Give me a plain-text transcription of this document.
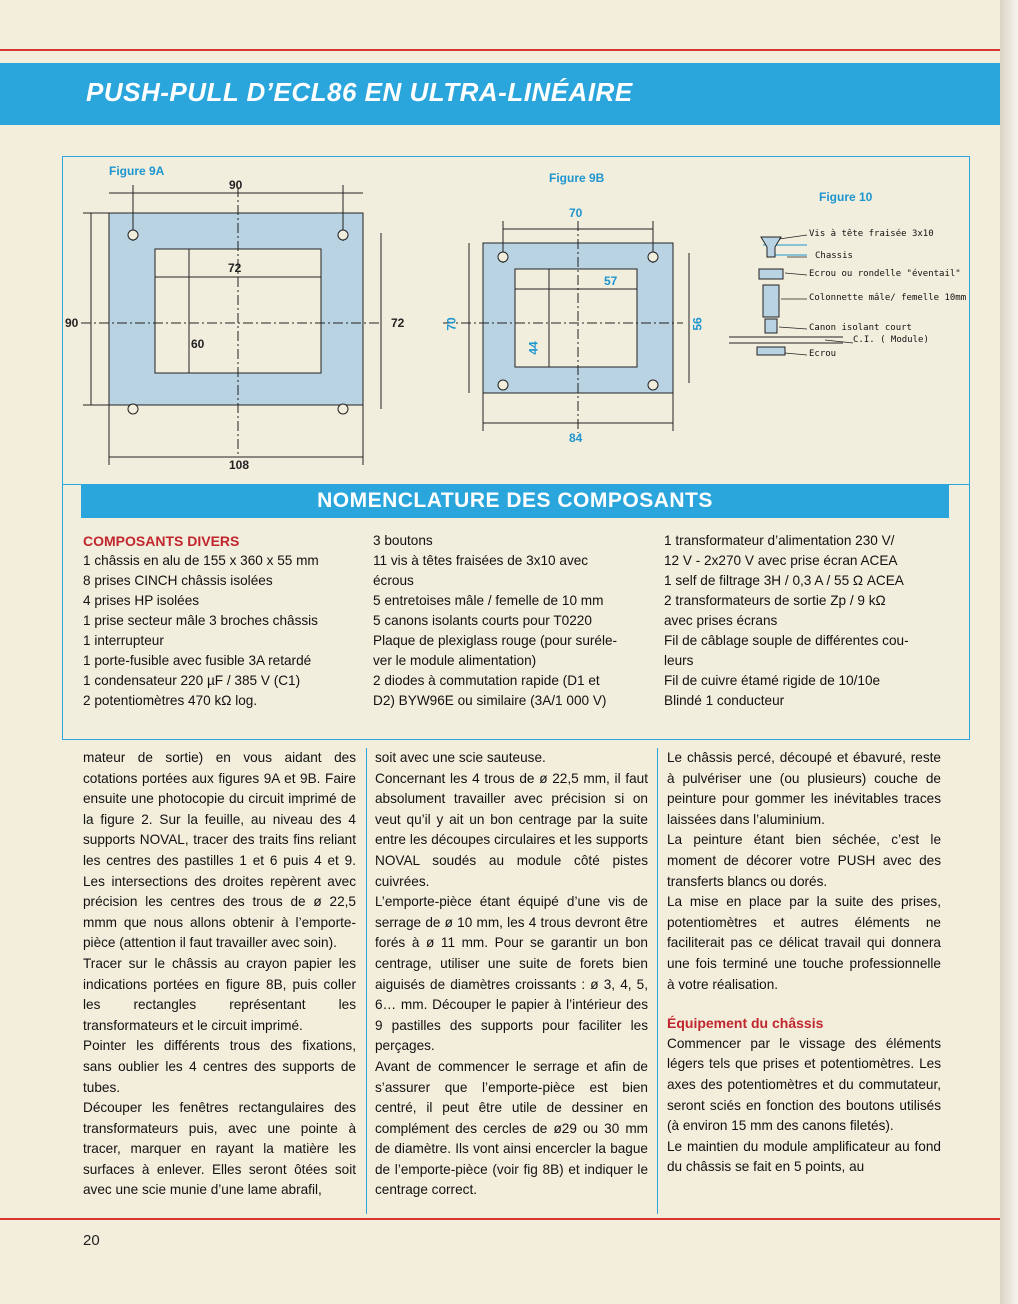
PUSH-PULL D’ECL86 EN ULTRA-LINÉAIRE
Figure 9A
90
72
90	72
60
108
Figure 9B
70
57
70	56
44
84
Figure 10
Vis à tête fraisée 3x10
Chassis
Ecrou ou rondelle "éventail"
Colonnette mâle/ femelle 10mm
Canon isolant court
C.I. ( Module)
Ecrou
NOMENCLATURE DES COMPOSANTS
COMPOSANTS DIVERS
1 châssis en alu de 155 x 360 x 55 mm
8 prises CINCH châssis isolées
4 prises HP isolées
1 prise secteur mâle 3 broches châssis
1 interrupteur
1 porte-fusible avec fusible 3A retardé
1 condensateur 220 µF / 385 V (C1)
2 potentiomètres 470 kΩ log.
3 boutons
11 vis à têtes fraisées de 3x10 avec
écrous
5 entretoises mâle / femelle de 10 mm
5 canons isolants courts pour T0220
Plaque de plexiglass rouge (pour suréle-
ver le module alimentation)
2 diodes à commutation rapide (D1 et
D2) BYW96E ou similaire (3A/1 000 V)
1 transformateur d’alimentation 230 V/
12 V - 2x270 V avec prise écran ACEA
1 self de filtrage 3H / 0,3 A / 55 Ω ACEA
2 transformateurs de sortie Zp / 9 kΩ
avec prises écrans
Fil de câblage souple de différentes cou-
leurs
Fil de cuivre étamé rigide de 10/10e
Blindé 1 conducteur

mateur de sortie) en vous aidant des cotations portées aux figures 9A et 9B. Faire ensuite une photocopie du circuit imprimé de la figure 2. Sur la feuille, au niveau des 4 supports NOVAL, tracer des traits fins reliant les centres des pastilles 1 et 6 puis 4 et 9. Les intersections des droites repèrent avec précision les centres des trous de ø 22,5 mmm que nous allons obtenir à l’emporte-pièce (attention il faut travailler avec soin).

Tracer sur le châssis au crayon papier les indications portées en figure 8B, puis coller les rectangles représentant les transformateurs et le circuit imprimé.

Pointer les différents trous des fixations, sans oublier les 4 centres des supports de tubes.

Découper les fenêtres rectangulaires des transformateurs puis, avec une pointe à tracer, marquer en rayant la matière les surfaces à enlever. Elles seront ôtées soit avec une scie munie d’une lame abrafil,

soit avec une scie sauteuse.

Concernant les 4 trous de ø 22,5 mm, il faut absolument travailler avec précision si on veut qu’il y ait un bon centrage par la suite entre les découpes circulaires et les supports NOVAL soudés au module côté pistes cuivrées.

L’emporte-pièce étant équipé d’une vis de serrage de ø 10 mm, les 4 trous devront être forés à ø 11 mm. Pour se garantir un bon centrage, utiliser une suite de forets bien aiguisés de diamètres croissants : ø 3, 4, 5, 6… mm. Découper le papier à l’intérieur des 9 pastilles des supports pour faciliter les perçages.

Avant de commencer le serrage et afin de s’assurer que l’emporte-pièce est bien centré, il peut être utile de dessiner en complément des cercles de ø29 ou 30 mm de diamètre. Ils vont ainsi encercler la bague de l’emporte-pièce (voir fig 8B) et indiquer le centrage correct.

Le châssis percé, découpé et ébavuré, reste à pulvériser une (ou plusieurs) couche de peinture pour gommer les inévitables traces laissées dans l’aluminium.

La peinture étant bien séchée, c’est le moment de décorer votre PUSH avec des transferts blancs ou dorés.

La mise en place par la suite des prises, potentiomètres et autres éléments ne faciliterait pas ce délicat travail qui donnera une fois terminé une touche professionnelle à votre réalisation.

Équipement du châssis

Commencer par le vissage des éléments légers tels que prises et potentiomètres. Les axes des potentiomètres et du commutateur, seront sciés en fonction des boutons utilisés (à environ 15 mm des canons filetés).

Le maintien du module amplificateur au fond du châssis se fait en 5 points, au

20
